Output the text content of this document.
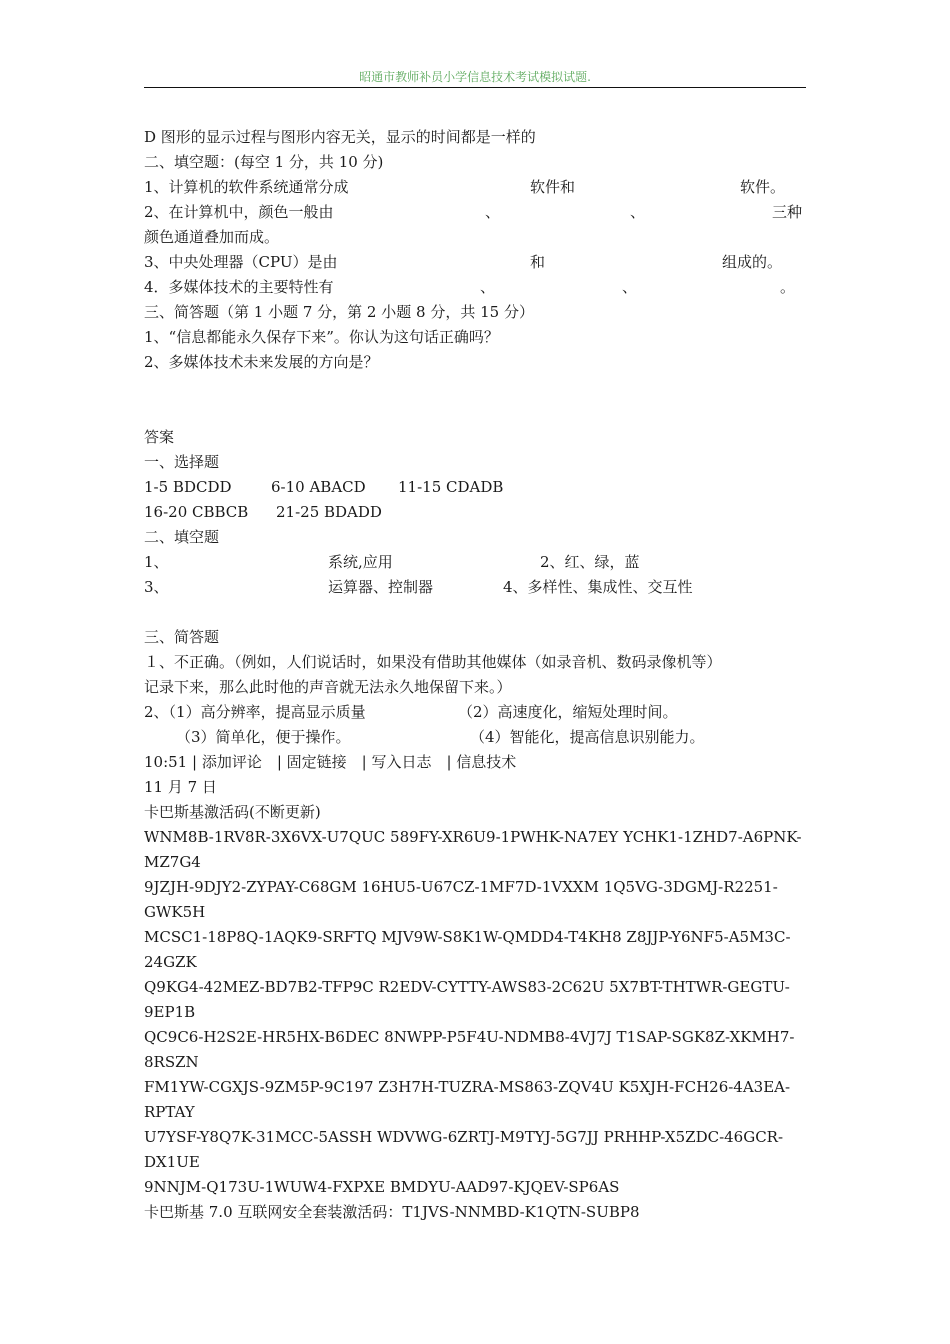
昭通市教师补员小学信息技术考试模拟试题.
D 图形的显示过程与图形内容无关，显示的时间都是一样的
二、填空题：(每空 1 分，共 10 分)
1、计算机的软件系统通常分成	软件和	软件。
2、在计算机中，颜色一般由	、	、	三种
颜色通道叠加而成。
3、中央处理器（CPU）是由	和	组成的。
4．多媒体技术的主要特性有	、	、	。
三、简答题（第 1 小题 7 分，第 2 小题 8 分，共 15 分）
1、“信息都能永久保存下来”。你认为这句话正确吗？
2、多媒体技术未来发展的方向是？
答案
一、选择题
1-5 BDCDD	6-10 ABACD 11-15 CDADB
16-20 CBBCB 21-25 BDADD
二、填空题
1、	系统,应用	2、红、绿，蓝
3、	运算器、控制器	4、多样性、集成性、交互性
三、简答题
１、不正确。（例如，人们说话时，如果没有借助其他媒体（如录音机、数码录像机等）
记录下来，那么此时他的声音就无法永久地保留下来。）
2、（1）高分辨率，提高显示质量	（2）高速度化，缩短处理时间。
（3）简单化，便于操作。	（4）智能化，提高信息识别能力。
10:51 | 添加评论　| 固定链接　| 写入日志　| 信息技术
11 月 7 日
卡巴斯基激活码(不断更新)
WNM8B-1RV8R-3X6VX-U7QUC 589FY-XR6U9-1PWHK-NA7EY YCHK1-1ZHD7-A6PNK-
MZ7G4
9JZJH-9DJY2-ZYPAY-C68GM 16HU5-U67CZ-1MF7D-1VXXM 1Q5VG-3DGMJ-R2251-
GWK5H
MCSC1-18P8Q-1AQK9-SRFTQ MJV9W-S8K1W-QMDD4-T4KH8 Z8JJP-Y6NF5-A5M3C-
24GZK
Q9KG4-42MEZ-BD7B2-TFP9C R2EDV-CYTTY-AWS83-2C62U 5X7BT-THTWR-GEGTU-
9EP1B
QC9C6-H2S2E-HR5HX-B6DEC 8NWPP-P5F4U-NDMB8-4VJ7J T1SAP-SGK8Z-XKMH7-
8RSZN
FM1YW-CGXJS-9ZM5P-9C197 Z3H7H-TUZRA-MS863-ZQV4U K5XJH-FCH26-4A3EA-
RPTAY
U7YSF-Y8Q7K-31MCC-5ASSH WDVWG-6ZRTJ-M9TYJ-5G7JJ PRHHP-X5ZDC-46GCR-
DX1UE
9NNJM-Q173U-1WUW4-FXPXE BMDYU-AAD97-KJQEV-SP6AS
卡巴斯基 7.0 互联网安全套装激活码：T1JVS-NNMBD-K1QTN-SUBP8
